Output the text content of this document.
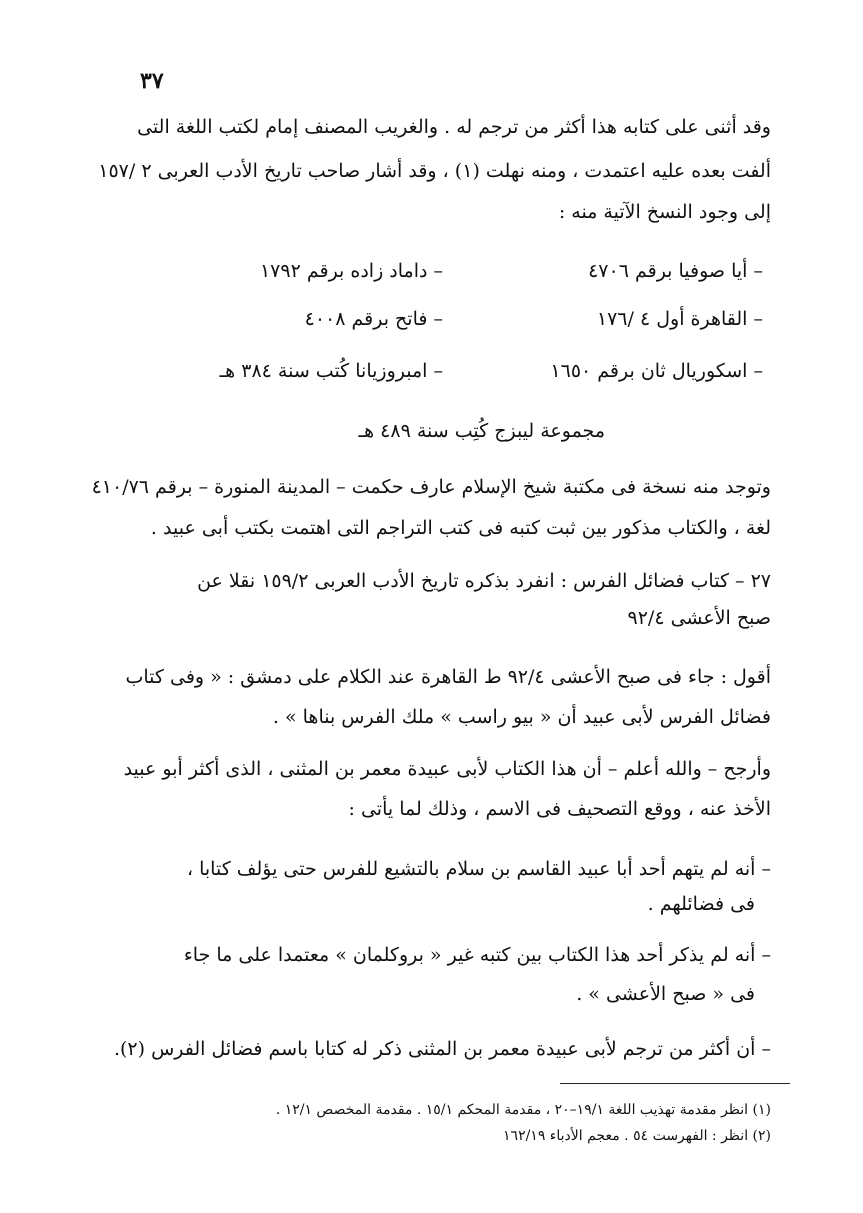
٣٧
وقد أثنى على كتابه هذا أكثر من ترجم له . والغريب المصنف إمام لكتب اللغة التى
ألفت بعده عليه اعتمدت ، ومنه نهلت (١) ، وقد أشار صاحب تاريخ الأدب العربى ٢ /١٥٧
إلى وجود النسخ الآتية منه :
– أيا صوفيا برقم ٤٧٠٦
– داماد زاده برقم ١٧٩٢
– القاهرة أول ٤ /١٧٦
– فاتح برقم ٤٠٠٨
– اسكوريال ثان برقم ١٦٥٠
– امبروزيانا كُتب سنة ٣٨٤ هـ
مجموعة ليبزج كُتِب سنة ٤٨٩ هـ
وتوجد منه نسخة فى مكتبة شيخ الإسلام عارف حكمت – المدينة المنورة – برقم ٤١٠/٧٦
لغة ، والكتاب مذكور بين ثبت كتبه فى كتب التراجم التى اهتمت بكتب أبى عبيد .
٢٧ – كتاب فضائل الفرس : انفرد بذكره تاريخ الأدب العربى ١٥٩/٢ نقلا عن
صبح الأعشى ٩٢/٤
أقول : جاء فى صبح الأعشى ٩٢/٤ ط القاهرة عند الكلام على دمشق : « وفى كتاب
فضائل الفرس لأبى عبيد أن « بيو راسب » ملك الفرس بناها » .
وأرجح – والله أعلم – أن هذا الكتاب لأبى عبيدة معمر بن المثنى ، الذى أكثر أبو عبيد
الأخذ عنه ، ووقع التصحيف فى الاسم ، وذلك لما يأتى :
– أنه لم يتهم أحد أبا عبيد القاسم بن سلام بالتشيع للفرس حتى يؤلف كتابا ،
فى فضائلهم .
– أنه لم يذكر أحد هذا الكتاب بين كتبه غير « بروكلمان » معتمدا على ما جاء
فى « صبح الأعشى » .
– أن أكثر من ترجم لأبى عبيدة معمر بن المثنى ذكر له كتابا باسم فضائل الفرس (٢).
(١) انظر مقدمة تهذيب اللغة ١٩/١–٢٠ ، مقدمة المحكم ١٥/١ . مقدمة المخصص ١٢/١ .
(٢) انظر : الفهرست ٥٤ . معجم الأدباء ١٦٢/١٩
